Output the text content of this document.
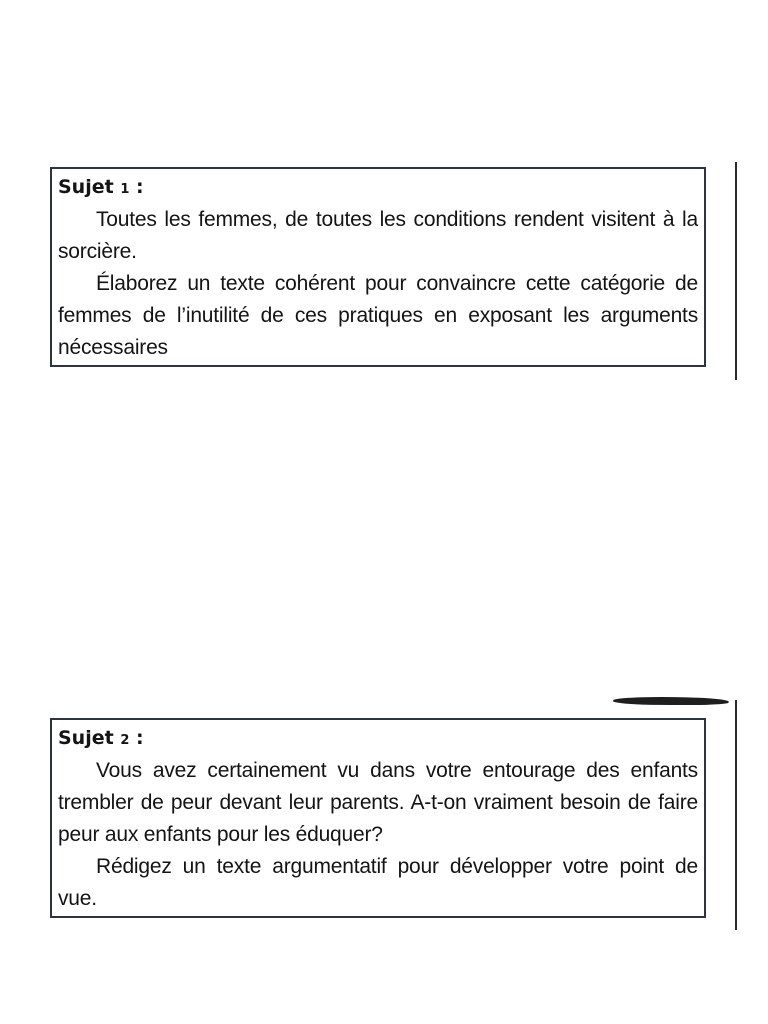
Sujet 1 :

Toutes les femmes, de toutes les conditions rendent visitent à la sorcière.

Élaborez un texte cohérent pour convaincre cette catégorie de femmes de l’inutilité de ces pratiques en exposant les arguments nécessaires

Sujet 2 :

Vous avez certainement vu dans votre entourage des enfants trembler de peur devant leur parents. A-t-on vraiment besoin de faire peur aux enfants pour les éduquer?

Rédigez un texte argumentatif pour développer votre point de vue.
